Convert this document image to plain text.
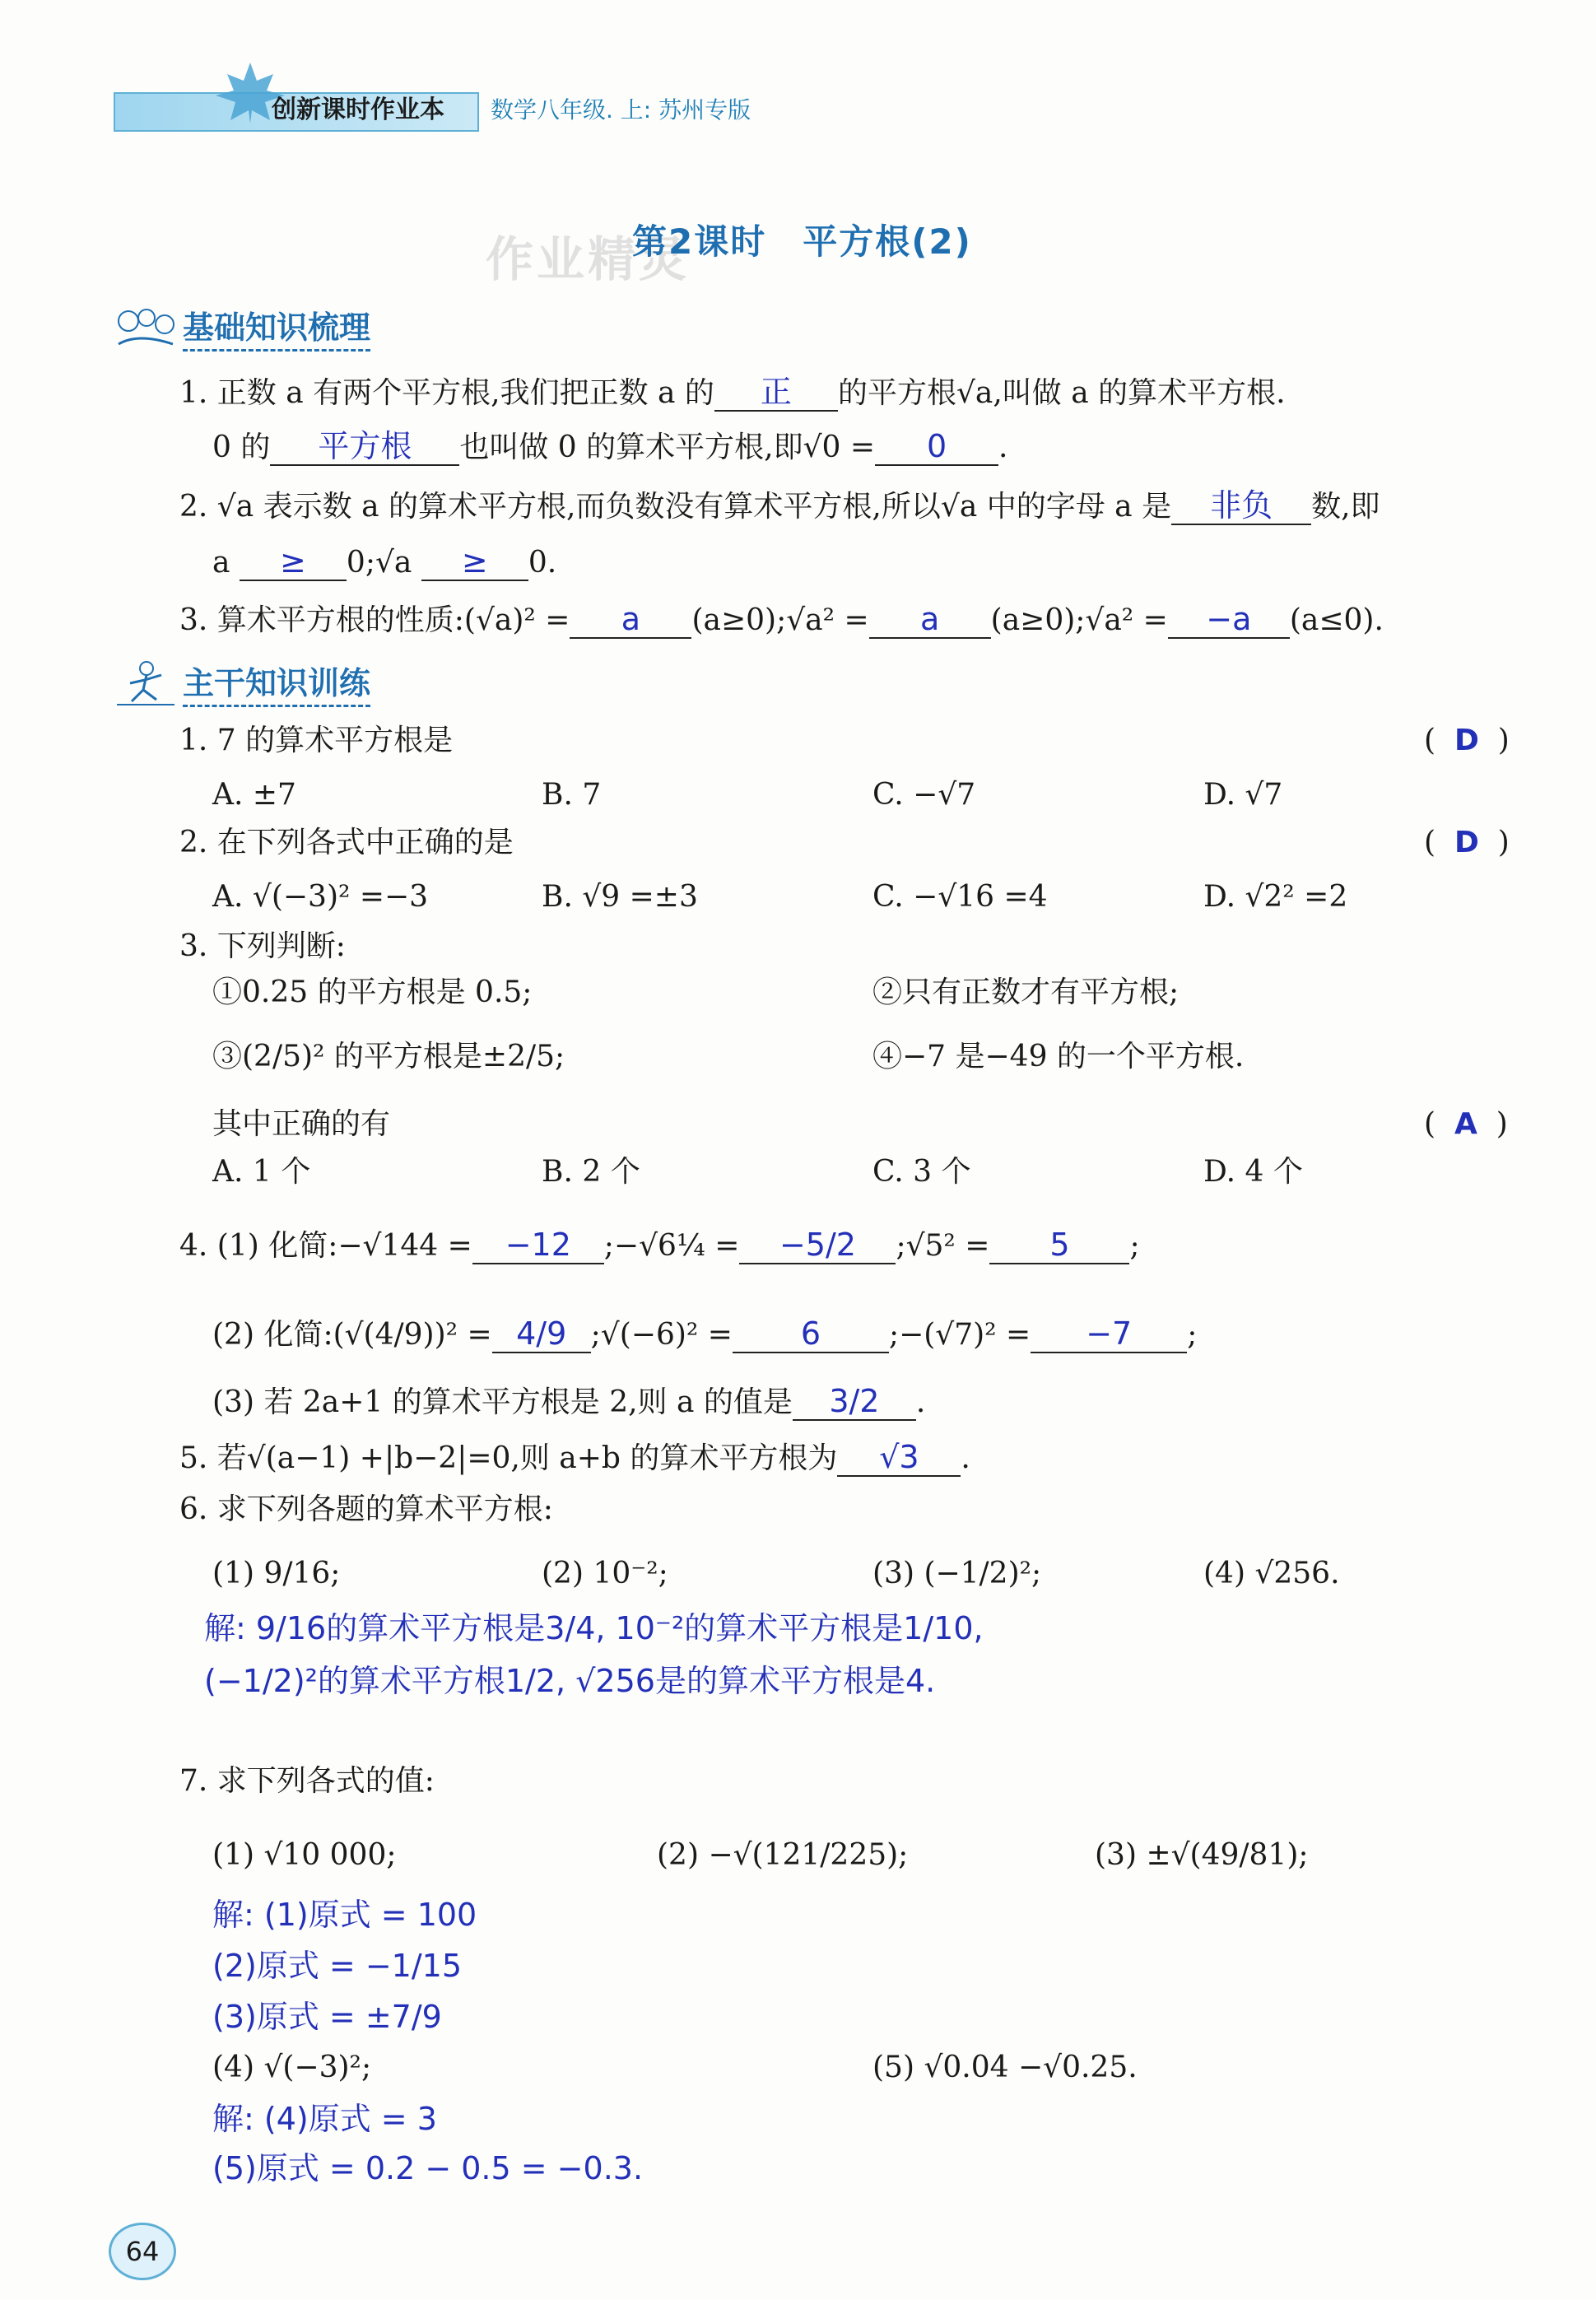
创新课时作业本 数学八年级. 上: 苏州专版
作业精灵
第2课时　平方根(2)
基础知识梳理
1. 正数 a 有两个平方根,我们把正数 a 的 正 的平方根√a,叫做 a 的算术平方根.
0 的 平方根 也叫做 0 的算术平方根,即√0 = 0 .
2. √a 表示数 a 的算术平方根,而负数没有算术平方根,所以√a 中的字母 a 是 非负 数,即
a ≥ 0;√a ≥ 0.
3. 算术平方根的性质:(√a)² = a (a≥0);√a² = a (a≥0);√a² = −a (a≤0).
主干知识训练
1. 7 的算术平方根是	(  D  )
A. ±7	B. 7	C. −√7	D. √7
2. 在下列各式中正确的是	(  D  )
A. √(−3)² =−3	B. √9 =±3	C. −√16 =4	D. √2² =2
3. 下列判断:
①0.25 的平方根是 0.5;	②只有正数才有平方根;
③(2/5)² 的平方根是±2/5;	④−7 是−49 的一个平方根.
其中正确的有	(  A  )
A. 1 个	B. 2 个	C. 3 个	D. 4 个
4. (1) 化简:−√144 = −12 ;−√6¼ = −5/2 ;√5² = 5 ;
(2) 化简:(√(4/9))² = 4/9 ;√(−6)² = 6 ;−(√7)² = −7 ;
(3) 若 2a+1 的算术平方根是 2,则 a 的值是 3/2 .
5. 若√(a−1) +|b−2|=0,则 a+b 的算术平方根为 √3 .
6. 求下列各题的算术平方根:
(1) 9/16;	(2) 10⁻²;	(3) (−1/2)²;	(4) √256.
解: 9/16的算术平方根是3/4, 10⁻²的算术平方根是1/10,
(−1/2)²的算术平方根1/2, √256是的算术平方根是4.
7. 求下列各式的值:
(1) √10 000;	(2) −√(121/225);	(3) ±√(49/81);
解: (1)原式 = 100
(2)原式 = −1/15
(3)原式 = ±7/9
(4) √(−3)²;	(5) √0.04 −√0.25.
解: (4)原式 = 3
(5)原式 = 0.2 − 0.5 = −0.3.
64
